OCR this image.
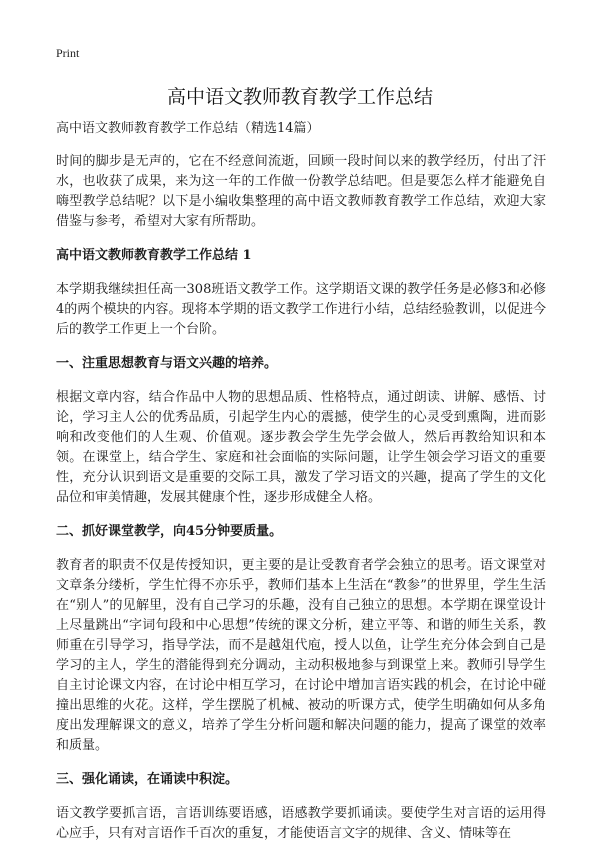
Print
高中语文教师教育教学工作总结

高中语文教师教育教学工作总结（精选14篇）

时间的脚步是无声的，它在不经意间流逝，回顾一段时间以来的教学经历，付出了汗水，也收获了成果，来为这一年的工作做一份教学总结吧。但是要怎么样才能避免自嗨型教学总结呢？以下是小编收集整理的高中语文教师教育教学工作总结，欢迎大家借鉴与参考，希望对大家有所帮助。

高中语文教师教育教学工作总结 1

本学期我继续担任高一308班语文教学工作。这学期语文课的教学任务是必修3和必修4的两个模块的内容。现将本学期的语文教学工作进行小结，总结经验教训，以促进今后的教学工作更上一个台阶。

一、注重思想教育与语文兴趣的培养。

根据文章内容，结合作品中人物的思想品质、性格特点，通过朗读、讲解、感悟、讨论，学习主人公的优秀品质，引起学生内心的震撼，使学生的心灵受到熏陶，进而影响和改变他们的人生观、价值观。逐步教会学生先学会做人，然后再教给知识和本领。在课堂上，结合学生、家庭和社会面临的实际问题，让学生领会学习语文的重要性，充分认识到语文是重要的交际工具，激发了学习语文的兴趣，提高了学生的文化品位和审美情趣，发展其健康个性，逐步形成健全人格。

二、抓好课堂教学，向45分钟要质量。

教育者的职责不仅是传授知识，更主要的是让受教育者学会独立的思考。语文课堂对文章条分缕析，学生忙得不亦乐乎，教师们基本上生活在“教参”的世界里，学生生活在“别人”的见解里，没有自己学习的乐趣，没有自己独立的思想。本学期在课堂设计上尽量跳出“字词句段和中心思想”传统的课文分析，建立平等、和谐的师生关系，教师重在引导学习，指导学法，而不是越俎代庖，授人以鱼，让学生充分体会到自己是学习的主人，学生的潜能得到充分调动，主动积极地参与到课堂上来。教师引导学生自主讨论课文内容，在讨论中相互学习，在讨论中增加言语实践的机会，在讨论中碰撞出思维的火花。这样，学生摆脱了机械、被动的听课方式，使学生明确如何从多角度出发理解课文的意义，培养了学生分析问题和解决问题的能力，提高了课堂的效率和质量。

三、强化诵读，在诵读中积淀。

语文教学要抓言语，言语训练要语感，语感教学要抓诵读。要使学生对言语的运用得心应手，只有对言语作千百次的重复，才能使语言文字的规律、含义、情味等在
